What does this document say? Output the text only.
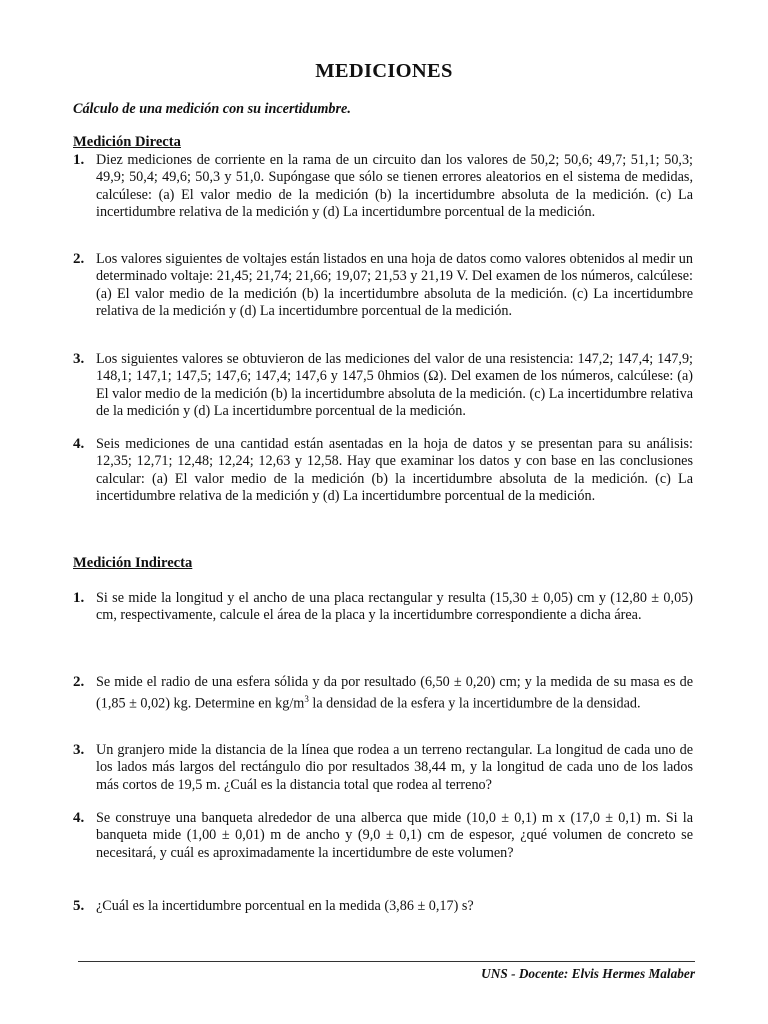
MEDICIONES
Cálculo de una medición con su incertidumbre.
Medición Directa
1. Diez mediciones de corriente en la rama de un circuito dan los valores de 50,2; 50,6; 49,7; 51,1; 50,3; 49,9; 50,4; 49,6; 50,3 y 51,0. Supóngase que sólo se tienen errores aleatorios en el sistema de medidas, calcúlese: (a) El valor medio de la medición (b) la incertidumbre absoluta de la medición. (c) La incertidumbre relativa de la medición y (d) La incertidumbre porcentual de la medición.
2. Los valores siguientes de voltajes están listados en una hoja de datos como valores obtenidos al medir un determinado voltaje: 21,45; 21,74; 21,66; 19,07; 21,53 y 21,19 V. Del examen de los números, calcúlese: (a) El valor medio de la medición (b) la incertidumbre absoluta de la medición. (c) La incertidumbre relativa de la medición y (d) La incertidumbre porcentual de la medición.
3. Los siguientes valores se obtuvieron de las mediciones del valor de una resistencia: 147,2; 147,4; 147,9; 148,1; 147,1; 147,5; 147,6; 147,4; 147,6 y 147,5 0hmios (Ω). Del examen de los números, calcúlese: (a) El valor medio de la medición (b) la incertidumbre absoluta de la medición. (c) La incertidumbre relativa de la medición y (d) La incertidumbre porcentual de la medición.
4. Seis mediciones de una cantidad están asentadas en la hoja de datos y se presentan para su análisis: 12,35; 12,71; 12,48; 12,24; 12,63 y 12,58. Hay que examinar los datos y con base en las conclusiones calcular: (a) El valor medio de la medición (b) la incertidumbre absoluta de la medición. (c) La incertidumbre relativa de la medición y (d) La incertidumbre porcentual de la medición.
Medición Indirecta
1. Si se mide la longitud y el ancho de una placa rectangular y resulta (15,30 ± 0,05) cm y (12,80 ± 0,05) cm, respectivamente, calcule el área de la placa y la incertidumbre correspondiente a dicha área.
2. Se mide el radio de una esfera sólida y da por resultado (6,50 ± 0,20) cm; y la medida de su masa es de (1,85 ± 0,02) kg. Determine en $kg/m^3$ la densidad de la esfera y la incertidumbre de la densidad.
3. Un granjero mide la distancia de la línea que rodea a un terreno rectangular. La longitud de cada uno de los lados más largos del rectángulo dio por resultados 38,44 m, y la longitud de cada uno de los lados más cortos de 19,5 m. ¿Cuál es la distancia total que rodea al terreno?
4. Se construye una banqueta alrededor de una alberca que mide (10,0 ± 0,1) m x (17,0 ± 0,1) m. Si la banqueta mide (1,00 ± 0,01) m de ancho y (9,0 ± 0,1) cm de espesor, ¿qué volumen de concreto se necesitará, y cuál es aproximadamente la incertidumbre de este volumen?
5. ¿Cuál es la incertidumbre porcentual en la medida (3,86 ± 0,17) s?
UNS - Docente: Elvis Hermes Malaber
